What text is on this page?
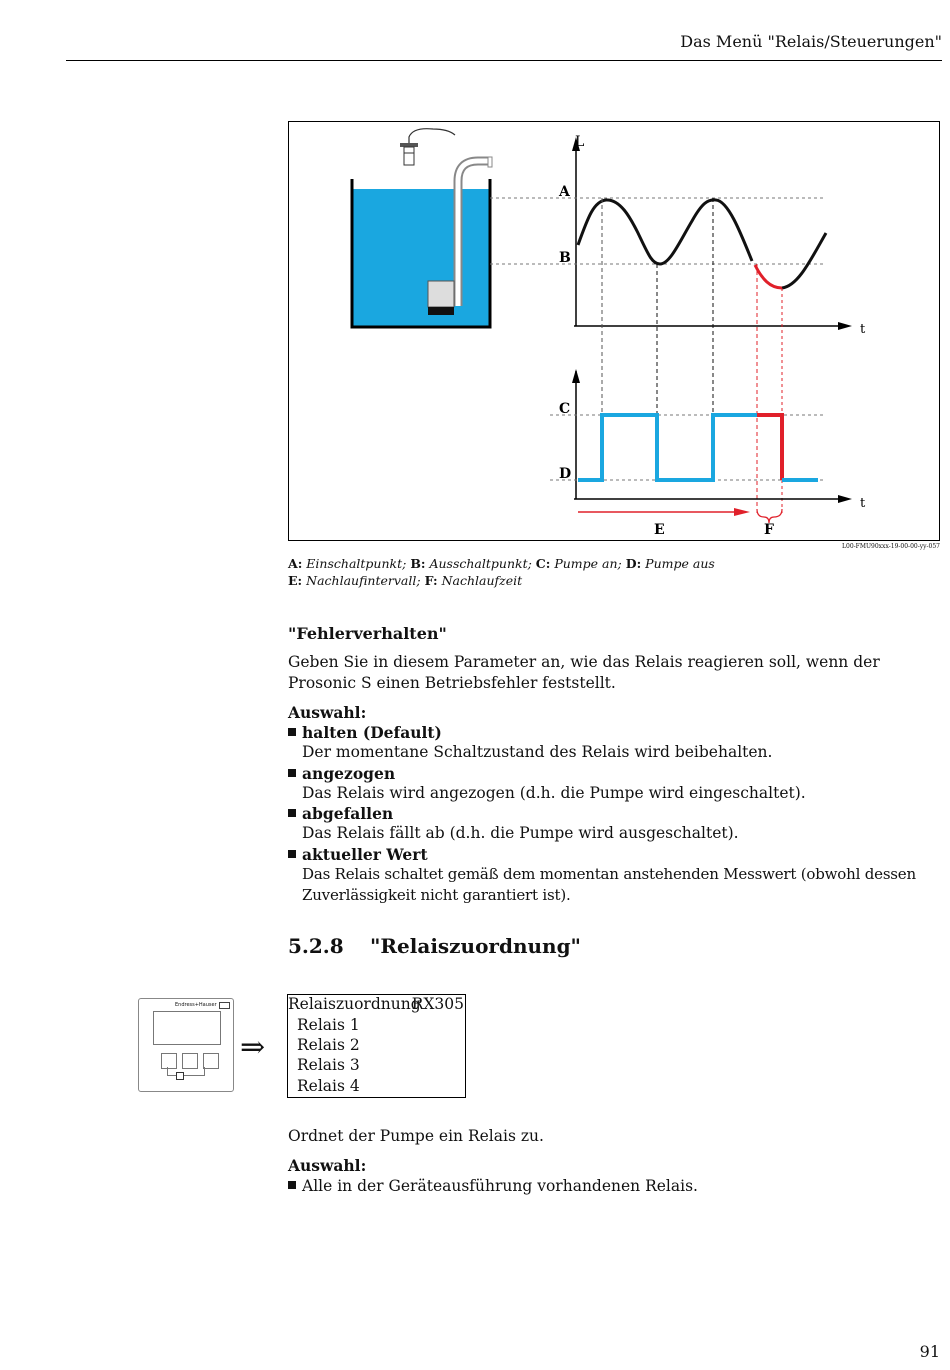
Das Menü "Relais/Steuerungen"
L
A
B
C
D
E	F
t
t
L00-FMU90xxx-19-00-00-yy-057
A: Einschaltpunkt; B: Ausschaltpunkt; C: Pumpe an; D: Pumpe aus
E: Nachlaufintervall; F: Nachlaufzeit
"Fehlerverhalten"
Geben Sie in diesem Parameter an, wie das Relais reagieren soll, wenn der Prosonic S einen Betriebsfehler feststellt.
Auswahl:
halten (Default)
Der momentane Schaltzustand des Relais wird beibehalten.
angezogen
Das Relais wird angezogen (d.h. die Pumpe wird eingeschaltet).
abgefallen
Das Relais fällt ab (d.h. die Pumpe wird ausgeschaltet).
aktueller Wert
Das Relais schaltet gemäß dem momentan anstehenden Messwert (obwohl dessen Zuverlässigkeit nicht garantiert ist).
5.2.8 "Relaiszuordnung"
Endress+Hauser
⇒
Relaiszuordnung
RX305
Relais 1
Relais 2
Relais 3
Relais 4
Ordnet der Pumpe ein Relais zu.
Auswahl:
Alle in der Geräteausführung vorhandenen Relais.
91
